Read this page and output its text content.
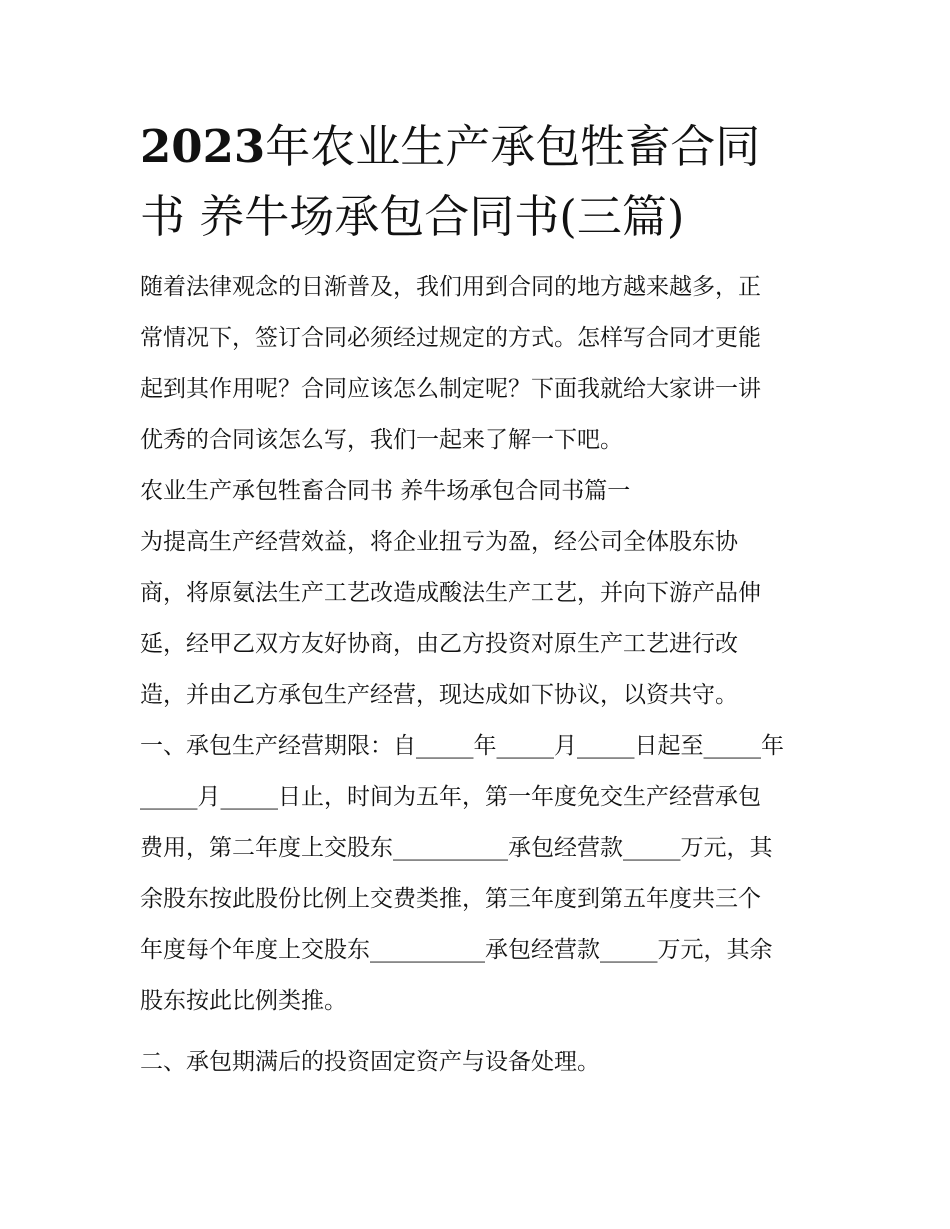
2023年农业生产承包牲畜合同
书 养牛场承包合同书(三篇)

随着法律观念的日渐普及，我们用到合同的地方越来越多，正

常情况下，签订合同必须经过规定的方式。怎样写合同才更能

起到其作用呢？合同应该怎么制定呢？下面我就给大家讲一讲

优秀的合同该怎么写，我们一起来了解一下吧。

农业生产承包牲畜合同书 养牛场承包合同书篇一

为提高生产经营效益，将企业扭亏为盈，经公司全体股东协

商，将原氨法生产工艺改造成酸法生产工艺，并向下游产品伸

延，经甲乙双方友好协商，由乙方投资对原生产工艺进行改

造，并由乙方承包生产经营，现达成如下协议，以资共守。

一、承包生产经营期限：自_____年_____月_____日起至_____年

_____月_____日止，时间为五年，第一年度免交生产经营承包

费用，第二年度上交股东__________承包经营款_____万元，其

余股东按此股份比例上交费类推，第三年度到第五年度共三个

年度每个年度上交股东__________承包经营款_____万元，其余

股东按此比例类推。

二、承包期满后的投资固定资产与设备处理。
